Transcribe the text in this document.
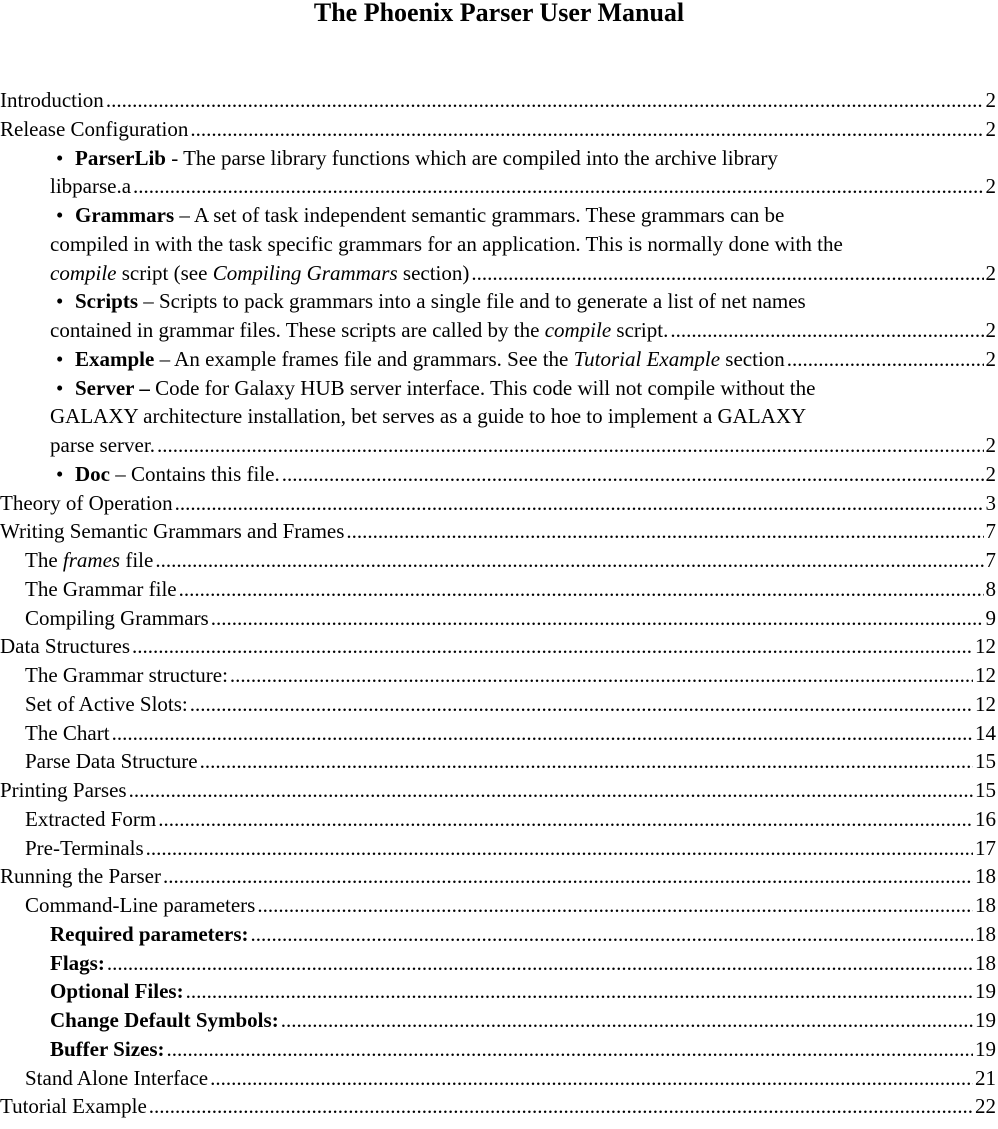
The Phoenix Parser User Manual
Introduction .....	2
Release Configuration .....	2
• ParserLib - The parse library functions which are compiled into the archive library
libparse.a .....	2
• Grammars – A set of task independent semantic grammars. These grammars can be
compiled in with the task specific grammars for an application. This is normally done with the
compile script (see Compiling Grammars section) .....	2
• Scripts – Scripts to pack grammars into a single file and to generate a list of net names
contained in grammar files. These scripts are called by the compile script. .....	2
• Example – An example frames file and grammars. See the Tutorial Example section .....	2
• Server – Code for Galaxy HUB server interface. This code will not compile without the
GALAXY architecture installation, bet serves as a guide to hoe to implement a GALAXY
parse server. .....	2
• Doc – Contains this file. .....	2
Theory of Operation .....	3
Writing Semantic Grammars and Frames .....	7
The frames file .....	7
The Grammar file .....	8
Compiling Grammars .....	9
Data Structures .....	12
The Grammar structure: .....	12
Set of Active Slots: .....	12
The Chart .....	14
Parse Data Structure .....	15
Printing Parses .....	15
Extracted Form .....	16
Pre-Terminals .....	17
Running the Parser .....	18
Command-Line parameters .....	18
Required parameters: .....	18
Flags: .....	18
Optional Files: .....	19
Change Default Symbols: .....	19
Buffer Sizes: .....	19
Stand Alone Interface .....	21
Tutorial Example .....	22
